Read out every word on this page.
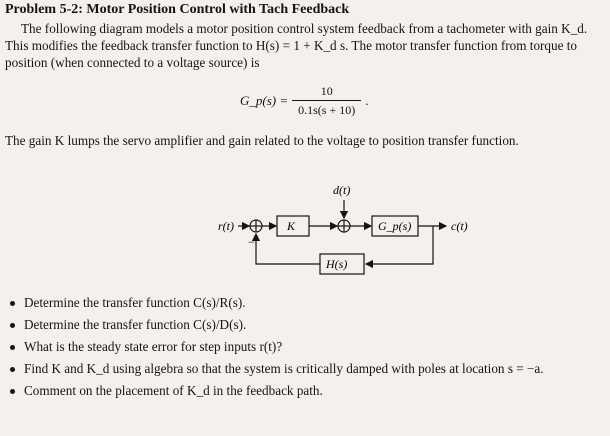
Problem 5-2: Motor Position Control with Tach Feedback
The following diagram models a motor position control system feedback from a tachometer with gain K_d. This modifies the feedback transfer function to H(s) = 1 + K_d s. The motor transfer function from torque to position (when connected to a voltage source) is
G_p(s) = $\frac{10}{0.1s(s + 10)}$ .
The gain K lumps the servo amplifier and gain related to the voltage to position transfer function.
r(t)
−
K
d(t)
G_p(s)	c(t)
H(s)
Determine the transfer function C(s)/R(s).
Determine the transfer function C(s)/D(s).
What is the steady state error for step inputs r(t)?
Find K and K_d using algebra so that the system is critically damped with poles at location s = −a.
Comment on the placement of K_d in the feedback path.
